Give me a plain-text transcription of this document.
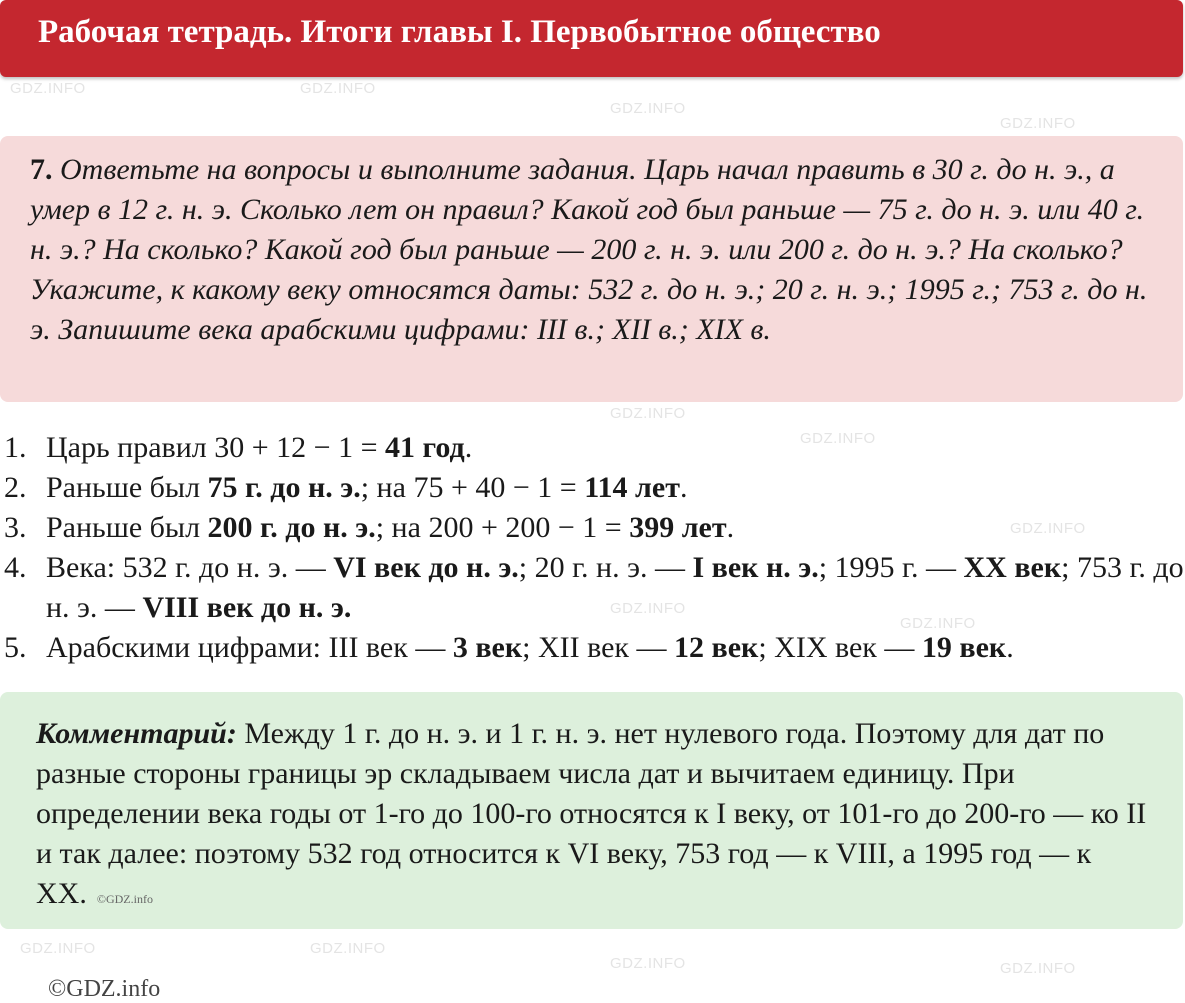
GDZ.INFO	GDZ.INFO
GDZ.INFO
GDZ.INFO
GDZ.INFO
GDZ.INFO
GDZ.INFO
GDZ.INFO
GDZ.INFO
GDZ.INFO	GDZ.INFO
GDZ.INFO	GDZ.INFO
Рабочая тетрадь. Итоги главы I. Первобытное общество
7. Ответьте на вопросы и выполните задания. Царь начал править в 30 г. до н. э., а умер в 12 г. н. э. Сколько лет он правил? Какой год был раньше — 75 г. до н. э. или 40 г. н. э.? На сколько? Какой год был раньше — 200 г. н. э. или 200 г. до н. э.? На сколько? Укажите, к какому веку относятся даты: 532 г. до н. э.; 20 г. н. э.; 1995 г.; 753 г. до н. э. Запишите века арабскими цифрами: III в.; XII в.; XIX в.
1. Царь правил 30 + 12 − 1 = 41 год.
2. Раньше был 75 г. до н. э.; на 75 + 40 − 1 = 114 лет.
3. Раньше был 200 г. до н. э.; на 200 + 200 − 1 = 399 лет.
4. Века: 532 г. до н. э. — VI век до н. э.; 20 г. н. э. — I век н. э.; 1995 г. — XX век; 753 г. до н. э. — VIII век до н. э.
5. Арабскими цифрами: III век — 3 век; XII век — 12 век; XIX век — 19 век.
Комментарий: Между 1 г. до н. э. и 1 г. н. э. нет нулевого года. Поэтому для дат по разные стороны границы эр складываем числа дат и вычитаем единицу. При определении века годы от 1-го до 100-го относятся к I веку, от 101-го до 200-го — ко II и так далее: поэтому 532 год относится к VI веку, 753 год — к VIII, а 1995 год — к XX. ©GDZ.info
©GDZ.info
